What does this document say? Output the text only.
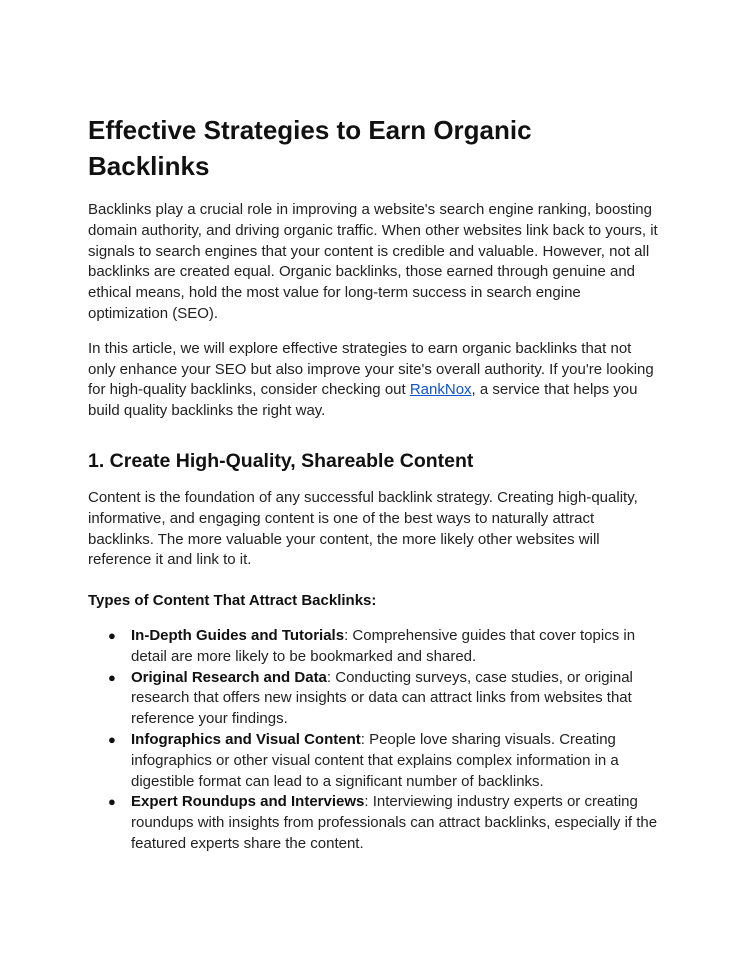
Effective Strategies to Earn Organic Backlinks

Backlinks play a crucial role in improving a website's search engine ranking, boosting domain authority, and driving organic traffic. When other websites link back to yours, it signals to search engines that your content is credible and valuable. However, not all backlinks are created equal. Organic backlinks, those earned through genuine and ethical means, hold the most value for long-term success in search engine optimization (SEO).

In this article, we will explore effective strategies to earn organic backlinks that not only enhance your SEO but also improve your site's overall authority. If you're looking for high-quality backlinks, consider checking out RankNox, a service that helps you build quality backlinks the right way.

1. Create High-Quality, Shareable Content

Content is the foundation of any successful backlink strategy. Creating high-quality, informative, and engaging content is one of the best ways to naturally attract backlinks. The more valuable your content, the more likely other websites will reference it and link to it.

Types of Content That Attract Backlinks:

● In-Depth Guides and Tutorials: Comprehensive guides that cover topics in detail are more likely to be bookmarked and shared.
● Original Research and Data: Conducting surveys, case studies, or original research that offers new insights or data can attract links from websites that reference your findings.
● Infographics and Visual Content: People love sharing visuals. Creating infographics or other visual content that explains complex information in a digestible format can lead to a significant number of backlinks.
● Expert Roundups and Interviews: Interviewing industry experts or creating roundups with insights from professionals can attract backlinks, especially if the featured experts share the content.
